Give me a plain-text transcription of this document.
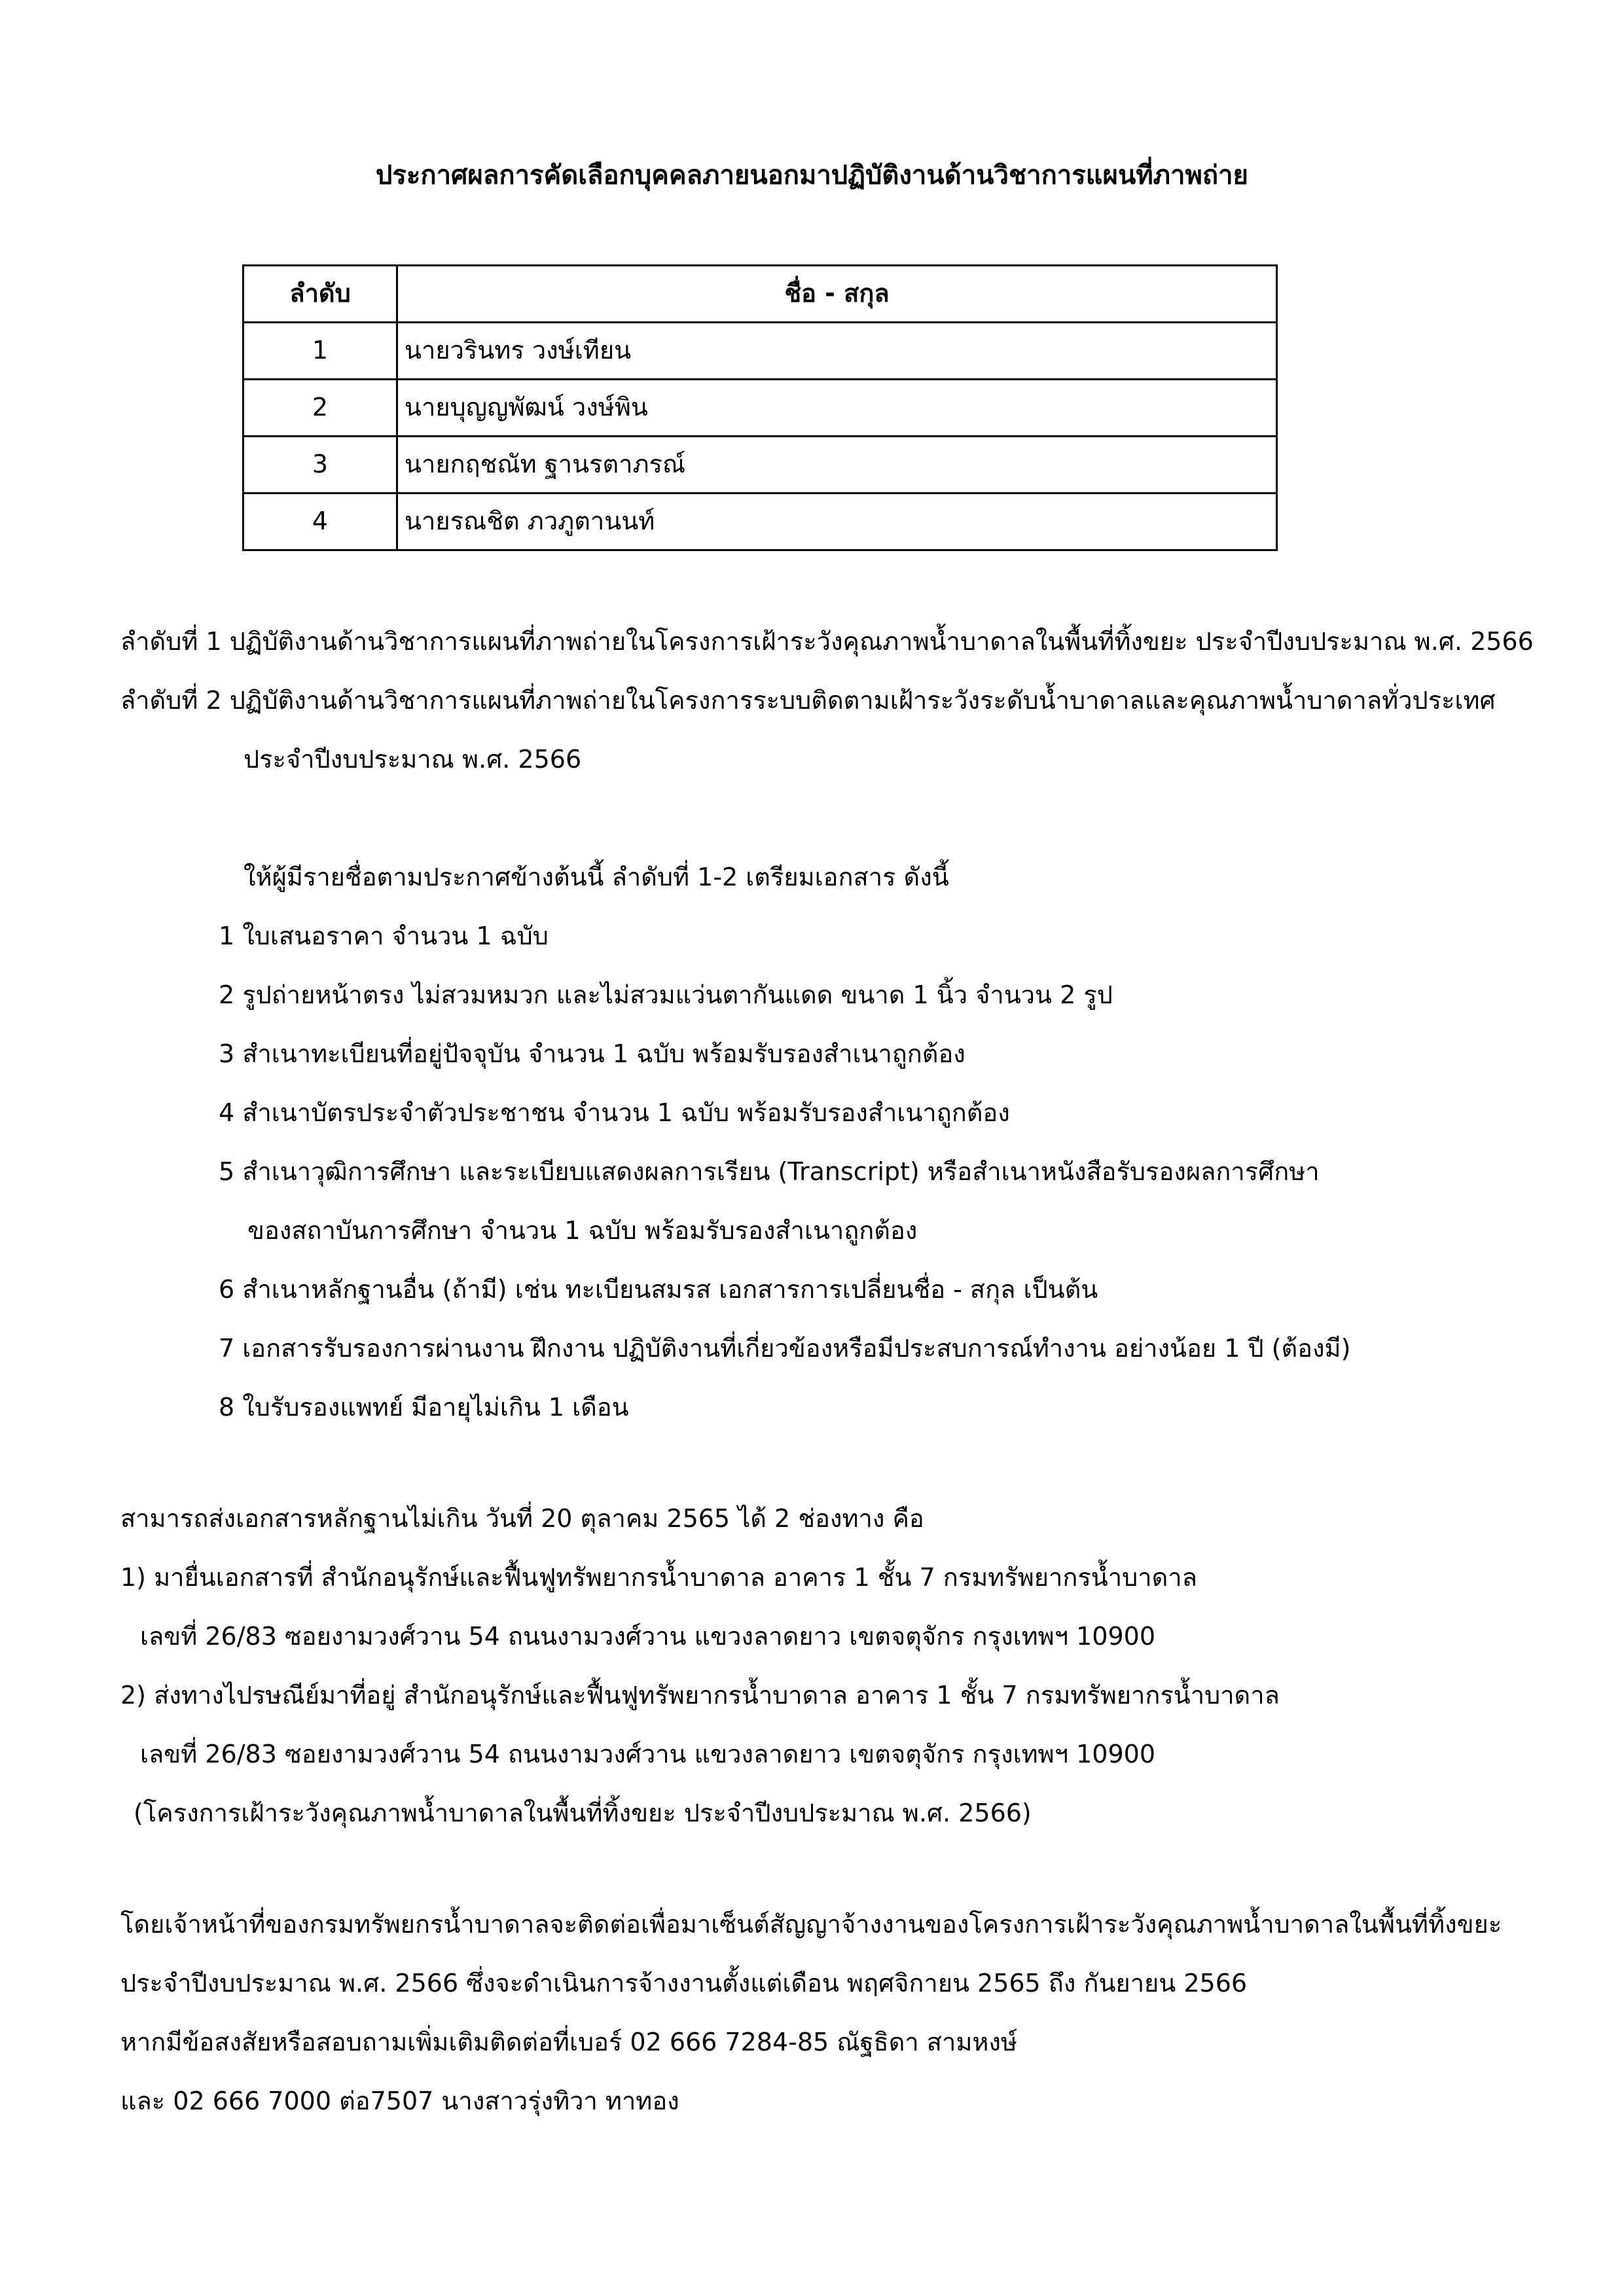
ประกาศผลการคัดเลือกบุคคลภายนอกมาปฏิบัติงานด้านวิชาการแผนที่ภาพถ่าย
ลำดับ	ชื่อ - สกุล
1	นายวรินทร วงษ์เทียน
2	นายบุญญพัฒน์ วงษ์พิน
3	นายกฤชณัท ฐานรตาภรณ์
4	นายรณชิต ภวภูตานนท์
ลำดับที่ 1 ปฏิบัติงานด้านวิชาการแผนที่ภาพถ่ายในโครงการเฝ้าระวังคุณภาพน้ำบาดาลในพื้นที่ทิ้งขยะ ประจำปีงบประมาณ พ.ศ. 2566
ลำดับที่ 2 ปฏิบัติงานด้านวิชาการแผนที่ภาพถ่ายในโครงการระบบติดตามเฝ้าระวังระดับน้ำบาดาลและคุณภาพน้ำบาดาลทั่วประเทศ
ประจำปีงบประมาณ พ.ศ. 2566
ให้ผู้มีรายชื่อตามประกาศข้างต้นนี้ ลำดับที่ 1-2 เตรียมเอกสาร ดังนี้
1 ใบเสนอราคา จำนวน 1 ฉบับ
2 รูปถ่ายหน้าตรง ไม่สวมหมวก และไม่สวมแว่นตากันแดด ขนาด 1 นิ้ว จำนวน 2 รูป
3 สำเนาทะเบียนที่อยู่ปัจจุบัน จำนวน 1 ฉบับ พร้อมรับรองสำเนาถูกต้อง
4 สำเนาบัตรประจำตัวประชาชน จำนวน 1 ฉบับ พร้อมรับรองสำเนาถูกต้อง
5 สำเนาวุฒิการศึกษา และระเบียบแสดงผลการเรียน (Transcript) หรือสำเนาหนังสือรับรองผลการศึกษา
ของสถาบันการศึกษา จำนวน 1 ฉบับ พร้อมรับรองสำเนาถูกต้อง
6 สำเนาหลักฐานอื่น (ถ้ามี) เช่น ทะเบียนสมรส เอกสารการเปลี่ยนชื่อ - สกุล เป็นต้น
7 เอกสารรับรองการผ่านงาน ฝึกงาน ปฏิบัติงานที่เกี่ยวข้องหรือมีประสบการณ์ทำงาน อย่างน้อย 1 ปี (ต้องมี)
8 ใบรับรองแพทย์ มีอายุไม่เกิน 1 เดือน
สามารถส่งเอกสารหลักฐานไม่เกิน วันที่ 20 ตุลาคม 2565 ได้ 2 ช่องทาง คือ
1) มายื่นเอกสารที่ สำนักอนุรักษ์และฟื้นฟูทรัพยากรน้ำบาดาล อาคาร 1 ชั้น 7 กรมทรัพยากรน้ำบาดาล
เลขที่ 26/83 ซอยงามวงศ์วาน 54 ถนนงามวงศ์วาน แขวงลาดยาว เขตจตุจักร กรุงเทพฯ 10900
2) ส่งทางไปรษณีย์มาที่อยู่ สำนักอนุรักษ์และฟื้นฟูทรัพยากรน้ำบาดาล อาคาร 1 ชั้น 7 กรมทรัพยากรน้ำบาดาล
เลขที่ 26/83 ซอยงามวงศ์วาน 54 ถนนงามวงศ์วาน แขวงลาดยาว เขตจตุจักร กรุงเทพฯ 10900
(โครงการเฝ้าระวังคุณภาพน้ำบาดาลในพื้นที่ทิ้งขยะ ประจำปีงบประมาณ พ.ศ. 2566)
โดยเจ้าหน้าที่ของกรมทรัพยกรน้ำบาดาลจะติดต่อเพื่อมาเซ็นต์สัญญาจ้างงานของโครงการเฝ้าระวังคุณภาพน้ำบาดาลในพื้นที่ทิ้งขยะ
ประจำปีงบประมาณ พ.ศ. 2566 ซึ่งจะดำเนินการจ้างงานตั้งแต่เดือน พฤศจิกายน 2565 ถึง กันยายน 2566
หากมีข้อสงสัยหรือสอบถามเพิ่มเติมติดต่อที่เบอร์ 02 666 7284-85 ณัฐธิดา สามหงษ์
และ 02 666 7000 ต่อ7507 นางสาวรุ่งทิวา ทาทอง
